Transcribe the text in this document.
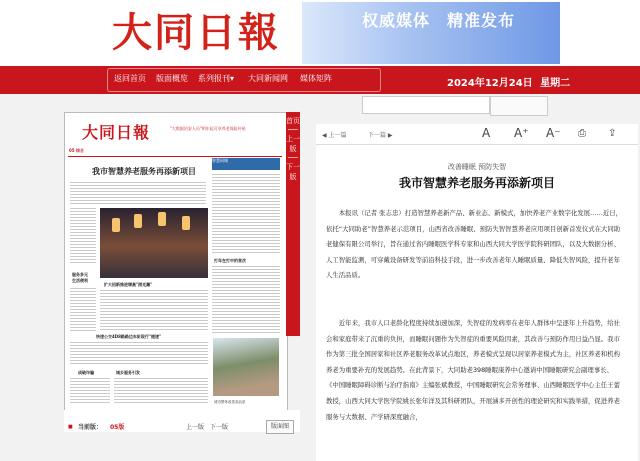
大同日報	权威媒体　精准发布
返回首页 版面概览 系列报刊▾ 大同新闻网 媒体矩阵	2024年12月24日 星期二
大同日報	"大数据治安人员"明年起可享养老保险补贴
05 综合
智慧同城
我市智慧养老服务再添新项目
打年在打中的首次
扩大招新推进增高"照光瀚"
服务多元
生活便利
快速公交4D8路路边车阶段行"提速"
侦破诈骗	城乡服务引发
城市整体改善高品质
首页
上一版
下一版
■ 当前版： 05版	上一版 下一版	版面图
◀ 上一篇	下一篇 ▶	A A⁺ A⁻ ⎙ ⇪
改善睡眠 预防失智
我市智慧养老服务再添新项目
本报讯（记者 张志忠）打造智慧养老新产品、新业态、新模式，加快养老产业数字化发展……近日，依托“大同助老”智慧养老示范项目，山西省改善睡眠、预防失智智慧养老应用项目创新首发仪式在大同助老健保有限公司举行，旨在通过省内睡眠医学科专家和山西大同大学医学院科研团队，以及大数据分析、人工智能监测，可穿戴设备研发等前沿科技手段，进一步改善老年人睡眠质量、降低失智风险，提升老年人生活品质。
近年来，我市人口老龄化程度持续加速加深，失智症的发病率在老年人群体中呈逐年上升趋势，给社会和家庭带来了沉重的负担，而睡眠问题作为失智症的重要风险因素，其改善与预防作用日益凸显。我市作为第三批全国居家和社区养老服务改革试点地区，养老模式呈现以居家养老模式为主，社区养老和机构养老为重要补充的发展趋势。在此背景下，大同助老398睡眠康养中心邀请中国睡眠研究会副理事长、《中国睡眠障碍诊断与治疗指南》主编张斌教授，中国睡眠研究会常务理事、山西睡眠医学中心主任王蕾教授，山西大同大学医学院姚长张年洋及其科研团队，开展涵多开创性的理论研究和实践举措，促进养老服务与大数据、产学研深度融合，
